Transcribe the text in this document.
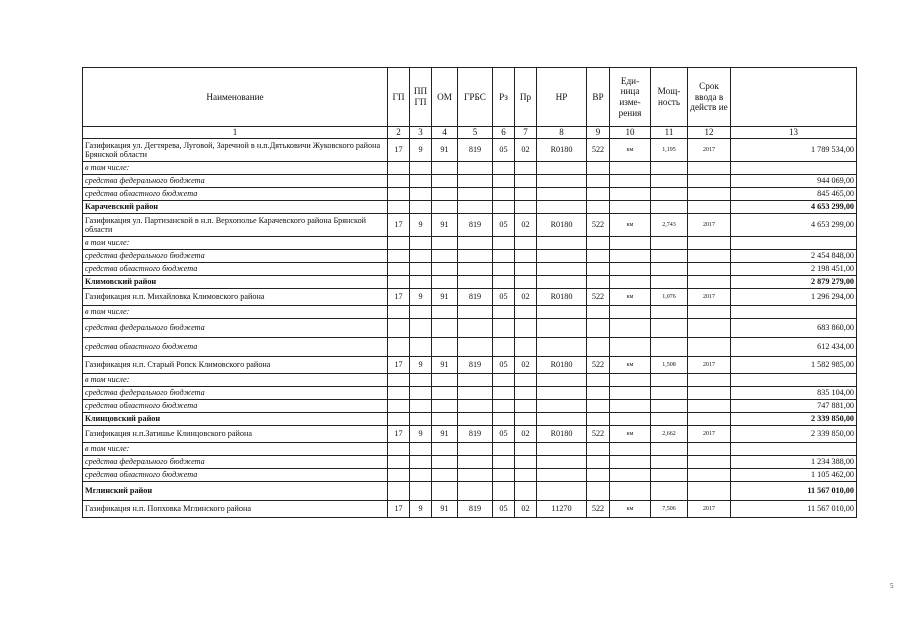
Наименование	ГП	ПП ГП	ОМ	ГРБС	Рз	Пр	НР	ВР	Еди-ница изме-рения	Мощ-ность	Срок ввода в действ ие	
1	2	3	4	5	6	7	8	9	10	11	12	13
Газификация ул. Дегтярева, Луговой, Заречной в н.п.Дятьковичи Жуковского района Брянской области	17	9	91	819	05	02	R0180	522	км	1,195	2017	1 789 534,00
в том числе:												
средства федерального бюджета												944 069,00
средства областного бюджета												845 465,00
Карачевский район												4 653 299,00
Газификация ул. Партизанской в н.п. Верхополье Карачевского района Брянской области	17	9	91	819	05	02	R0180	522	км	2,743	2017	4 653 299,00
в том числе:												
средства федерального бюджета												2 454 848,00
средства областного бюджета												2 198 451,00
Климовский район												2 879 279,00
Газификация н.п. Михайловка Климовского района	17	9	91	819	05	02	R0180	522	км	1,076	2017	1 296 294,00
в том числе:												
средства федерального бюджета												683 860,00
средства областного бюджета												612 434,00
Газификация н.п. Старый Ропск Климовского района	17	9	91	819	05	02	R0180	522	км	1,508	2017	1 582 985,00
в том числе:												
средства федерального бюджета												835 104,00
средства областного бюджета												747 881,00
Клинцовский район												2 339 850,00
Газификация н.п.Затишье Клинцовского района	17	9	91	819	05	02	R0180	522	км	2,662	2017	2 339 850,00
в том числе:												
средства федерального бюджета												1 234 388,00
средства областного бюджета												1 105 462,00
Мглинский район												11 567 010,00
Газификация н.п. Попховка Мглинского района	17	9	91	819	05	02	11270	522	км	7,506	2017	11 567 010,00
5
